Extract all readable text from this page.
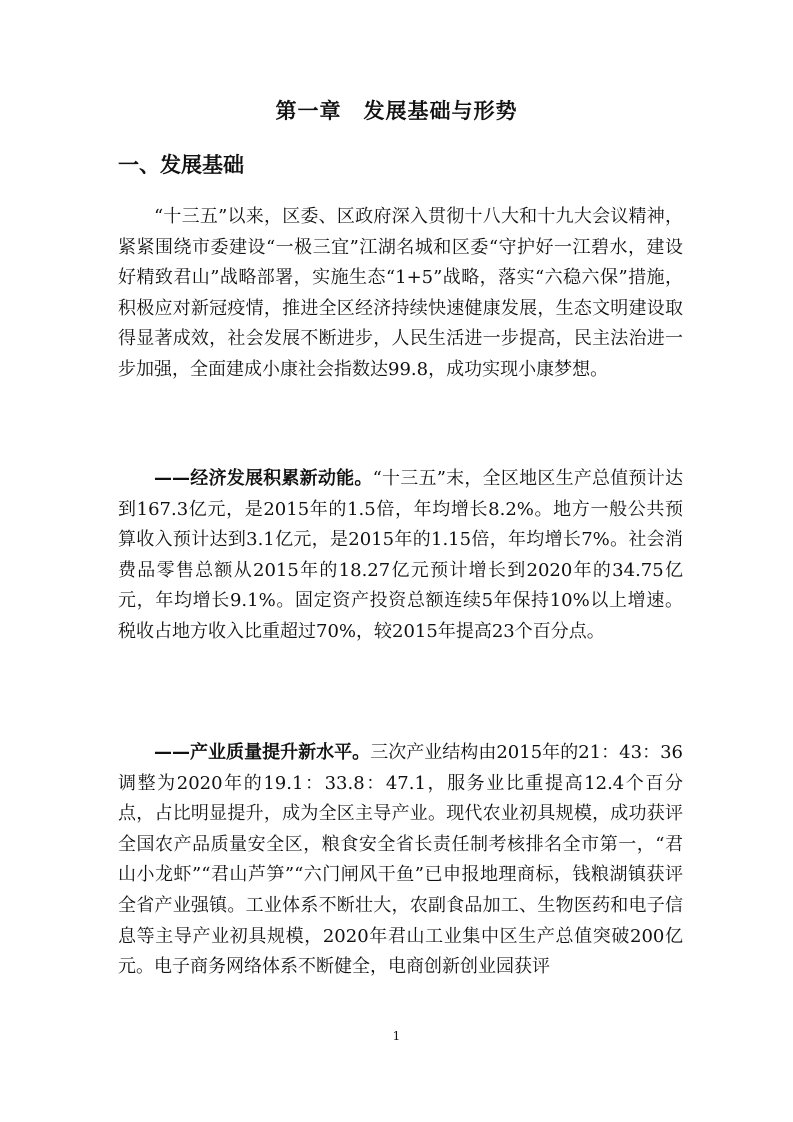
第一章　发展基础与形势
一、发展基础

“十三五”以来，区委、区政府深入贯彻十八大和十九大会议精神，紧紧围绕市委建设“一极三宜”江湖名城和区委“守护好一江碧水，建设好精致君山”战略部署，实施生态“1+5”战略，落实“六稳六保”措施，积极应对新冠疫情，推进全区经济持续快速健康发展，生态文明建设取得显著成效，社会发展不断进步，人民生活进一步提高，民主法治进一步加强，全面建成小康社会指数达99.8，成功实现小康梦想。

——经济发展积累新动能。“十三五”末，全区地区生产总值预计达到167.3亿元，是2015年的1.5倍，年均增长8.2%。地方一般公共预算收入预计达到3.1亿元，是2015年的1.15倍，年均增长7%。社会消费品零售总额从2015年的18.27亿元预计增长到2020年的34.75亿元，年均增长9.1%。固定资产投资总额连续5年保持10%以上增速。税收占地方收入比重超过70%，较2015年提高23个百分点。

——产业质量提升新水平。三次产业结构由2015年的21：43：36调整为2020年的19.1：33.8：47.1，服务业比重提高12.4个百分点，占比明显提升，成为全区主导产业。现代农业初具规模，成功获评全国农产品质量安全区，粮食安全省长责任制考核排名全市第一，“君山小龙虾”“君山芦笋”“六门闸风干鱼”已申报地理商标，钱粮湖镇获评全省产业强镇。工业体系不断壮大，农副食品加工、生物医药和电子信息等主导产业初具规模，2020年君山工业集中区生产总值突破200亿元。电子商务网络体系不断健全，电商创新创业园获评

1
